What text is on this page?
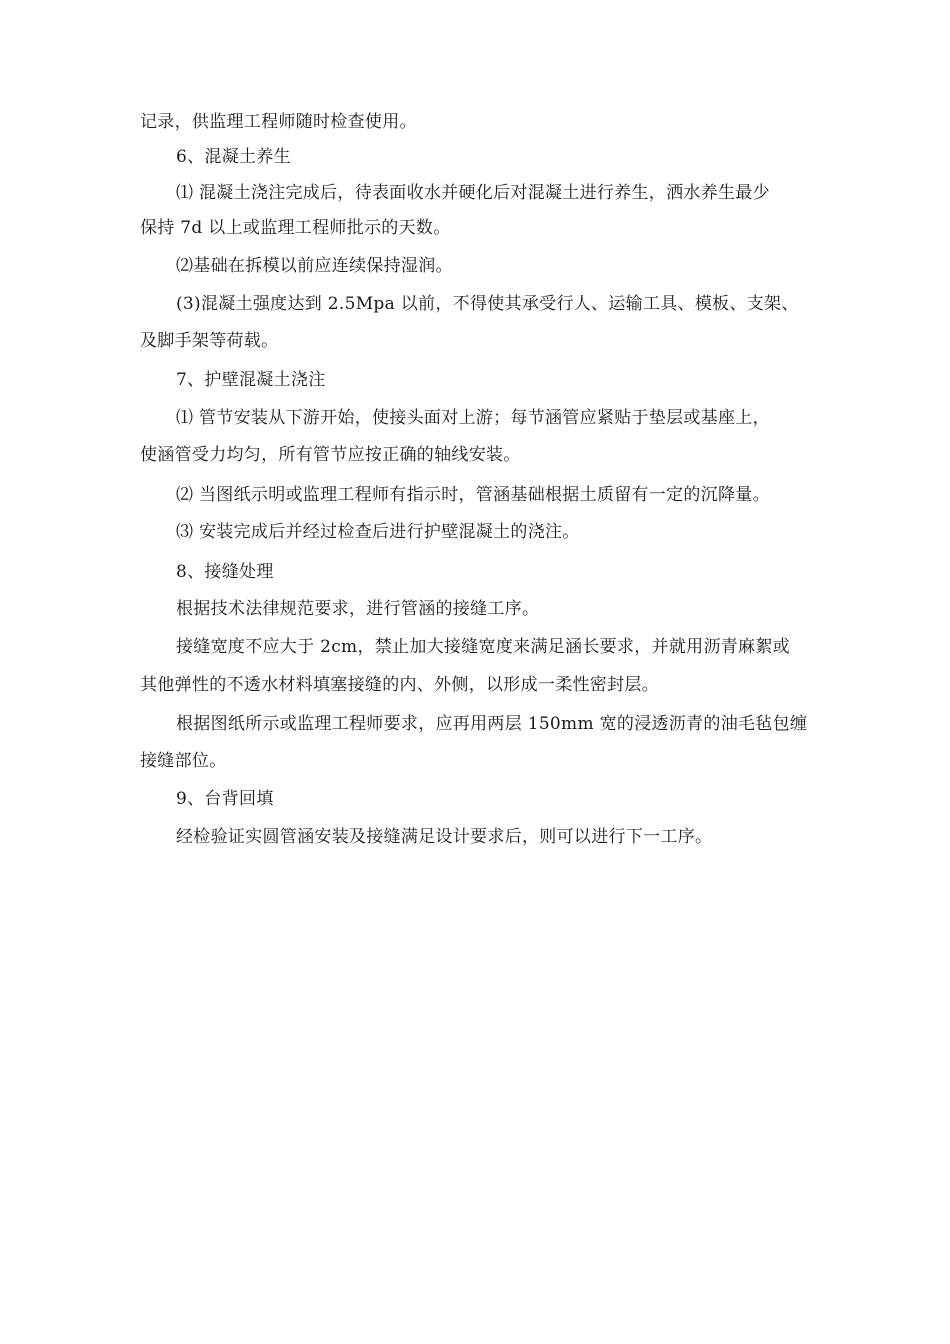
记录，供监理工程师随时检查使用。
6、混凝土养生
⑴ 混凝土浇注完成后，待表面收水并硬化后对混凝土进行养生，洒水养生最少
保持 7d 以上或监理工程师批示的天数。
⑵基础在拆模以前应连续保持湿润。
(3)混凝土强度达到 2.5Mpa 以前，不得使其承受行人、运输工具、模板、支架、
及脚手架等荷载。
7、护壁混凝土浇注
⑴ 管节安装从下游开始，使接头面对上游；每节涵管应紧贴于垫层或基座上，
使涵管受力均匀，所有管节应按正确的轴线安装。
⑵ 当图纸示明或监理工程师有指示时，管涵基础根据土质留有一定的沉降量。
⑶ 安装完成后并经过检查后进行护壁混凝土的浇注。
8、接缝处理
根据技术法律规范要求，进行管涵的接缝工序。
接缝宽度不应大于 2cm，禁止加大接缝宽度来满足涵长要求，并就用沥青麻絮或
其他弹性的不透水材料填塞接缝的内、外侧，以形成一柔性密封层。
根据图纸所示或监理工程师要求，应再用两层 150mm 宽的浸透沥青的油毛毡包缠
接缝部位。
9、台背回填
经检验证实圆管涵安装及接缝满足设计要求后，则可以进行下一工序。
